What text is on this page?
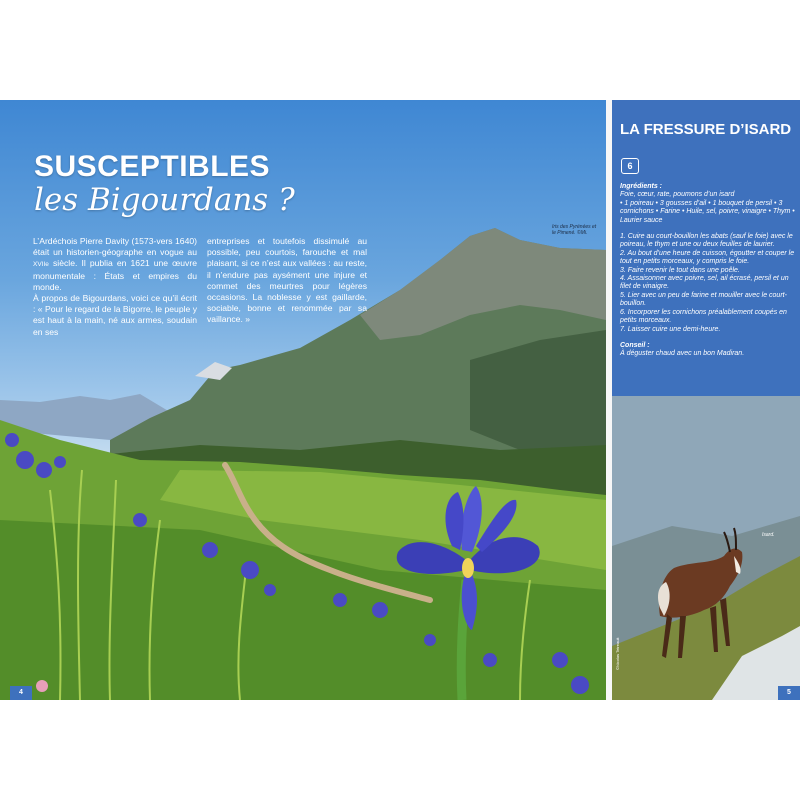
SUSCEPTIBLES
les Bigourdans ?

L’Ardéchois Pierre Davity (1573-vers 1640) était un historien-géographe en vogue au XVIIe siècle. Il publia en 1621 une œuvre monumentale : États et empires du monde.

À propos de Bigourdans, voici ce qu’il écrit : « Pour le regard de la Bigorre, le peuple y est haut à la main, né aux armes, soudain en ses

entreprises et toutefois dissimulé au possible, peu courtois, farouche et mal plaisant, si ce n’est aux vallées : au reste, il n’endure pas aysément une injure et commet des meurtres pour légères occasions. La noblesse y est gaillarde, sociable, bonne et renommée par sa vaillance. »

Iris des Pyrénées et le Pimené. ©Mi.
4
LA FRESSURE D’ISARD
6

Ingrédients :

Foie, cœur, rate, poumons d’un isard

• 1 poireau • 3 gousses d’ail • 1 bouquet de persil • 3 cornichons • Farine • Huile, sel, poivre, vinaigre • Thym • Laurier sauce

1. Cuire au court-bouillon les abats (sauf le foie) avec le poireau, le thym et une ou deux feuilles de laurier.

2. Au bout d’une heure de cuisson, égoutter et couper le tout en petits morceaux, y compris le foie.

3. Faire revenir le tout dans une poêle.

4. Assaisonner avec poivre, sel, ail écrasé, persil et un filet de vinaigre.

5. Lier avec un peu de farine et mouiller avec le court-bouillon.

6. Incorporer les cornichons préalablement coupés en petits morceaux.

7. Laisser cuire une demi-heure.

Conseil :

À déguster chaud avec un bon Madiran.

Isard.
©Nicolas Tetreault
5
